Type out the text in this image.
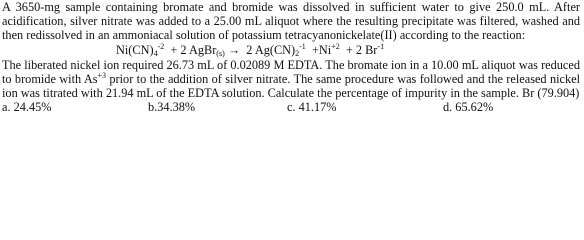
A 3650-mg sample containing bromate and bromide was dissolved in sufficient water to give 250.0 mL. After acidification, silver nitrate was added to a 25.00 mL aliquot where the resulting precipitate was filtered, washed and then redissolved in an ammoniacal solution of potassium tetracyanonickelate(II) according to the reaction:

$Ni(CN)_4^{-2} + 2$ AgBr$_{(s)}$ → 2 $Ag(CN)_2^{-1} +Ni^{+2} + 2$ $Br^{-1}$

The liberated nickel ion required 26.73 mL of 0.02089 M EDTA. The bromate ion in a 10.00 mL aliquot was reduced to bromide with $As^{+3}$ prior to the addition of silver nitrate. The same procedure was followed and the released nickel ion was titrated with 21.94 mL of the EDTA solution. Calculate the percentage of impurity in the sample. Br (79.904)

a. 24.45%	b.34.38%	c. 41.17%	d. 65.62%
